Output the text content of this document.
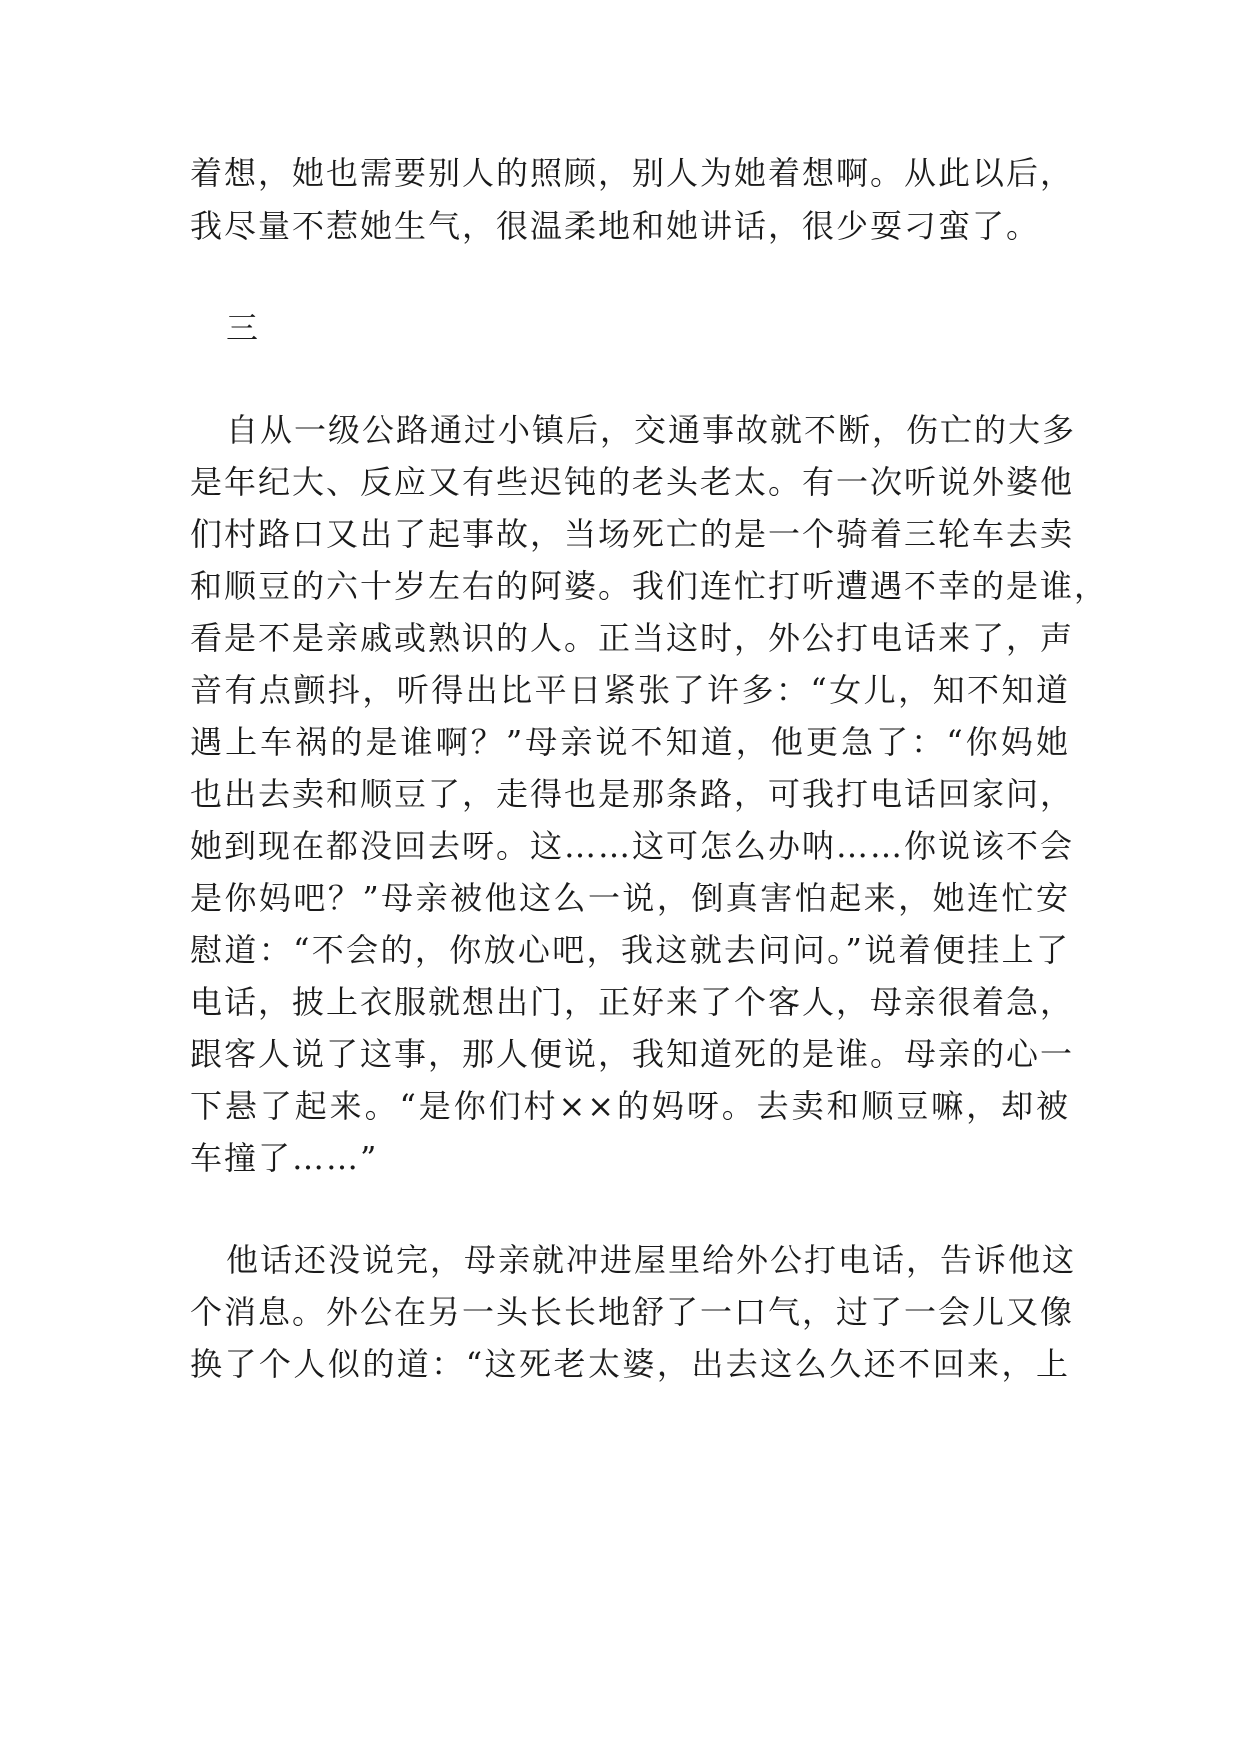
着想，她也需要别人的照顾，别人为她着想啊。从此以后，

我尽量不惹她生气，很温柔地和她讲话，很少耍刁蛮了。

三

自从一级公路通过小镇后，交通事故就不断，伤亡的大多

是年纪大、反应又有些迟钝的老头老太。有一次听说外婆他

们村路口又出了起事故，当场死亡的是一个骑着三轮车去卖

和顺豆的六十岁左右的阿婆。我们连忙打听遭遇不幸的是谁，

看是不是亲戚或熟识的人。正当这时，外公打电话来了，声

音有点颤抖，听得出比平日紧张了许多：“女儿，知不知道

遇上车祸的是谁啊？”母亲说不知道，他更急了：“你妈她

也出去卖和顺豆了，走得也是那条路，可我打电话回家问，

她到现在都没回去呀。这……这可怎么办呐……你说该不会

是你妈吧？”母亲被他这么一说，倒真害怕起来，她连忙安

慰道：“不会的，你放心吧，我这就去问问。”说着便挂上了

电话，披上衣服就想出门，正好来了个客人，母亲很着急，

跟客人说了这事，那人便说，我知道死的是谁。母亲的心一

下悬了起来。“是你们村××的妈呀。去卖和顺豆嘛，却被

车撞了……”

他话还没说完，母亲就冲进屋里给外公打电话，告诉他这

个消息。外公在另一头长长地舒了一口气，过了一会儿又像

换了个人似的道：“这死老太婆，出去这么久还不回来，上
